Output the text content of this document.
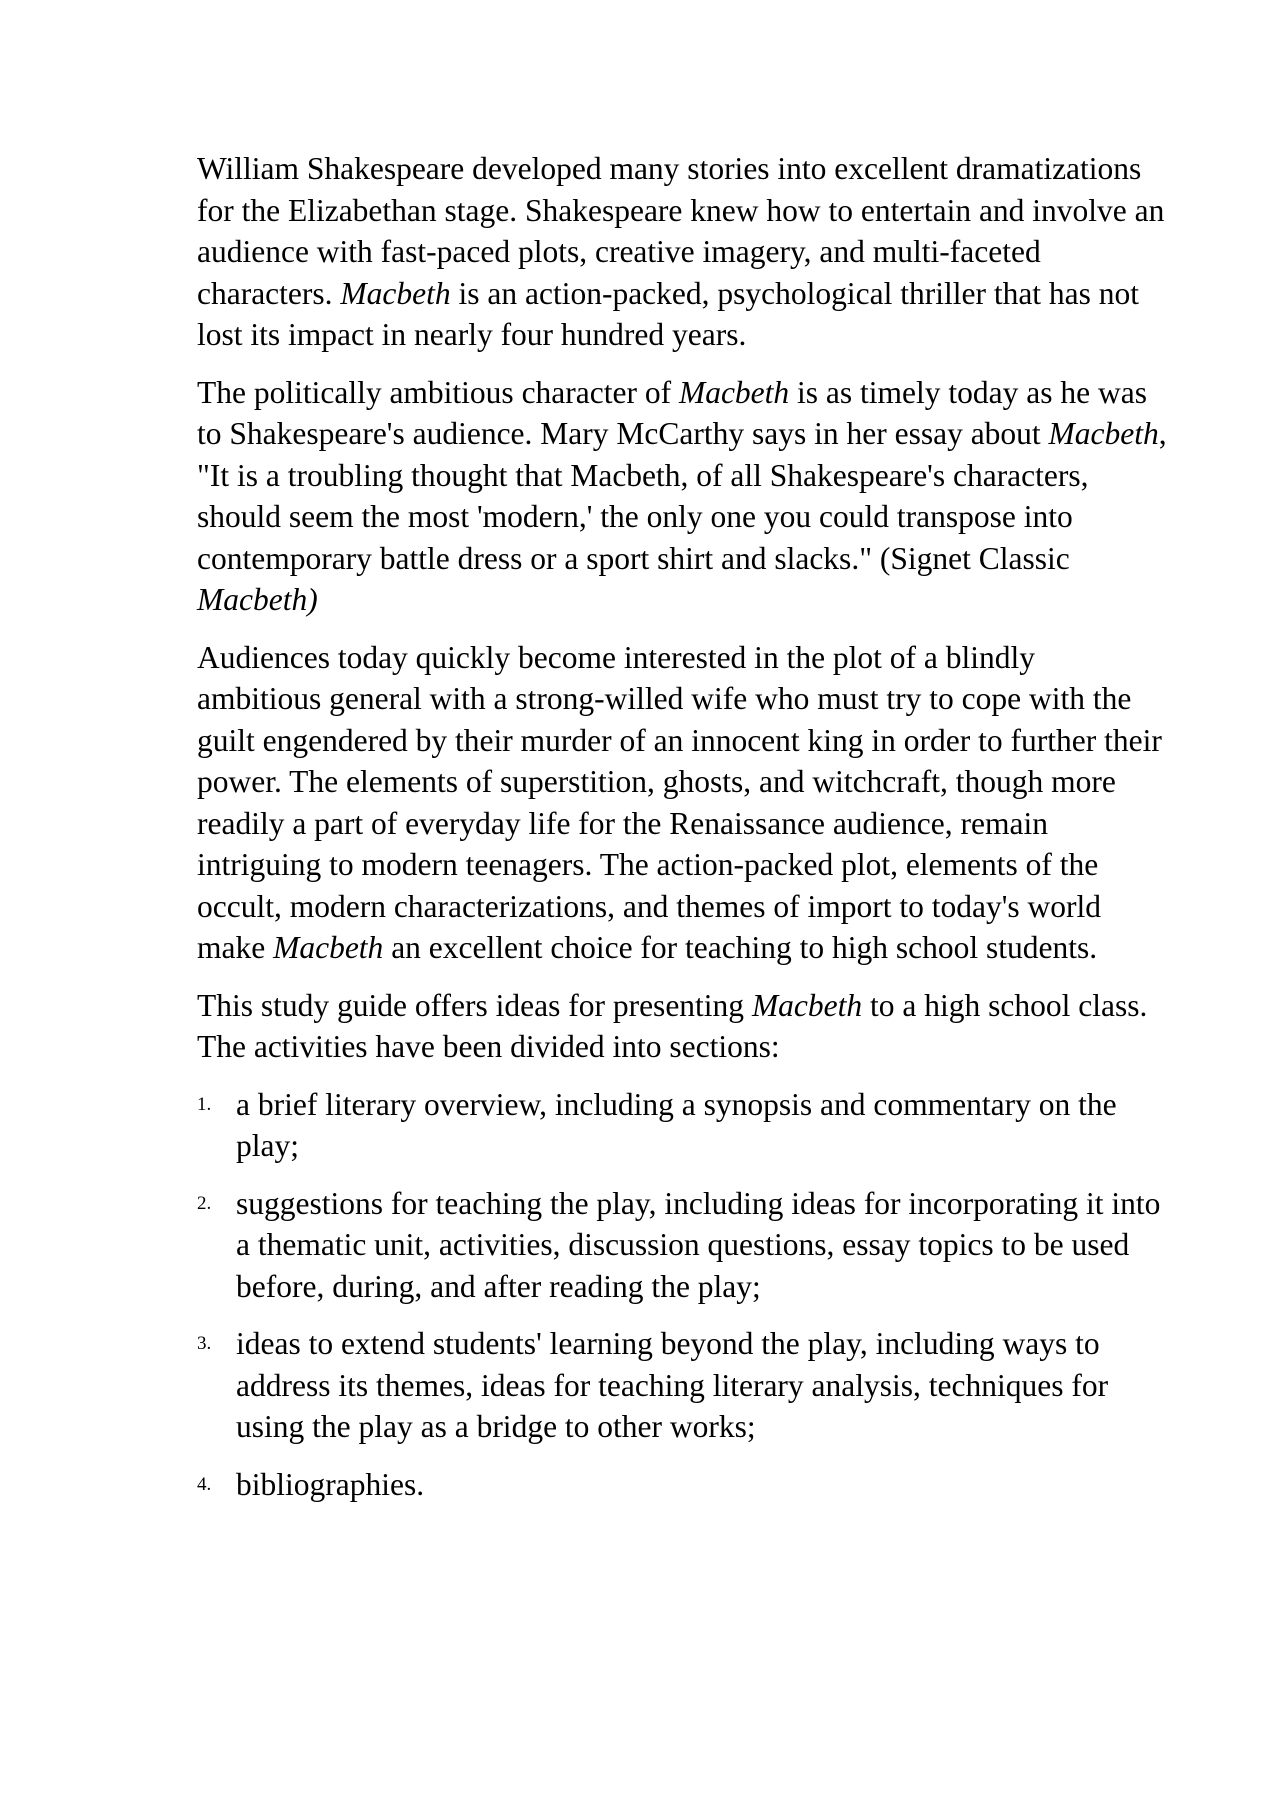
William Shakespeare developed many stories into excellent dramatizations for the Elizabethan stage. Shakespeare knew how to entertain and involve an audience with fast-paced plots, creative imagery, and multi-faceted characters. Macbeth is an action-packed, psychological thriller that has not lost its impact in nearly four hundred years.

The politically ambitious character of Macbeth is as timely today as he was to Shakespeare's audience. Mary McCarthy says in her essay about Macbeth, "It is a troubling thought that Macbeth, of all Shakespeare's characters, should seem the most 'modern,' the only one you could transpose into contemporary battle dress or a sport shirt and slacks." (Signet Classic Macbeth)

Audiences today quickly become interested in the plot of a blindly ambitious general with a strong-willed wife who must try to cope with the guilt engendered by their murder of an innocent king in order to further their power. The elements of superstition, ghosts, and witchcraft, though more readily a part of everyday life for the Renaissance audience, remain intriguing to modern teenagers. The action-packed plot, elements of the occult, modern characterizations, and themes of import to today's world make Macbeth an excellent choice for teaching to high school students.

This study guide offers ideas for presenting Macbeth to a high school class. The activities have been divided into sections:

1. a brief literary overview, including a synopsis and commentary on the play;
2. suggestions for teaching the play, including ideas for incorporating it into a thematic unit, activities, discussion questions, essay topics to be used before, during, and after reading the play;
3. ideas to extend students' learning beyond the play, including ways to address its themes, ideas for teaching literary analysis, techniques for using the play as a bridge to other works;
4. bibliographies.
